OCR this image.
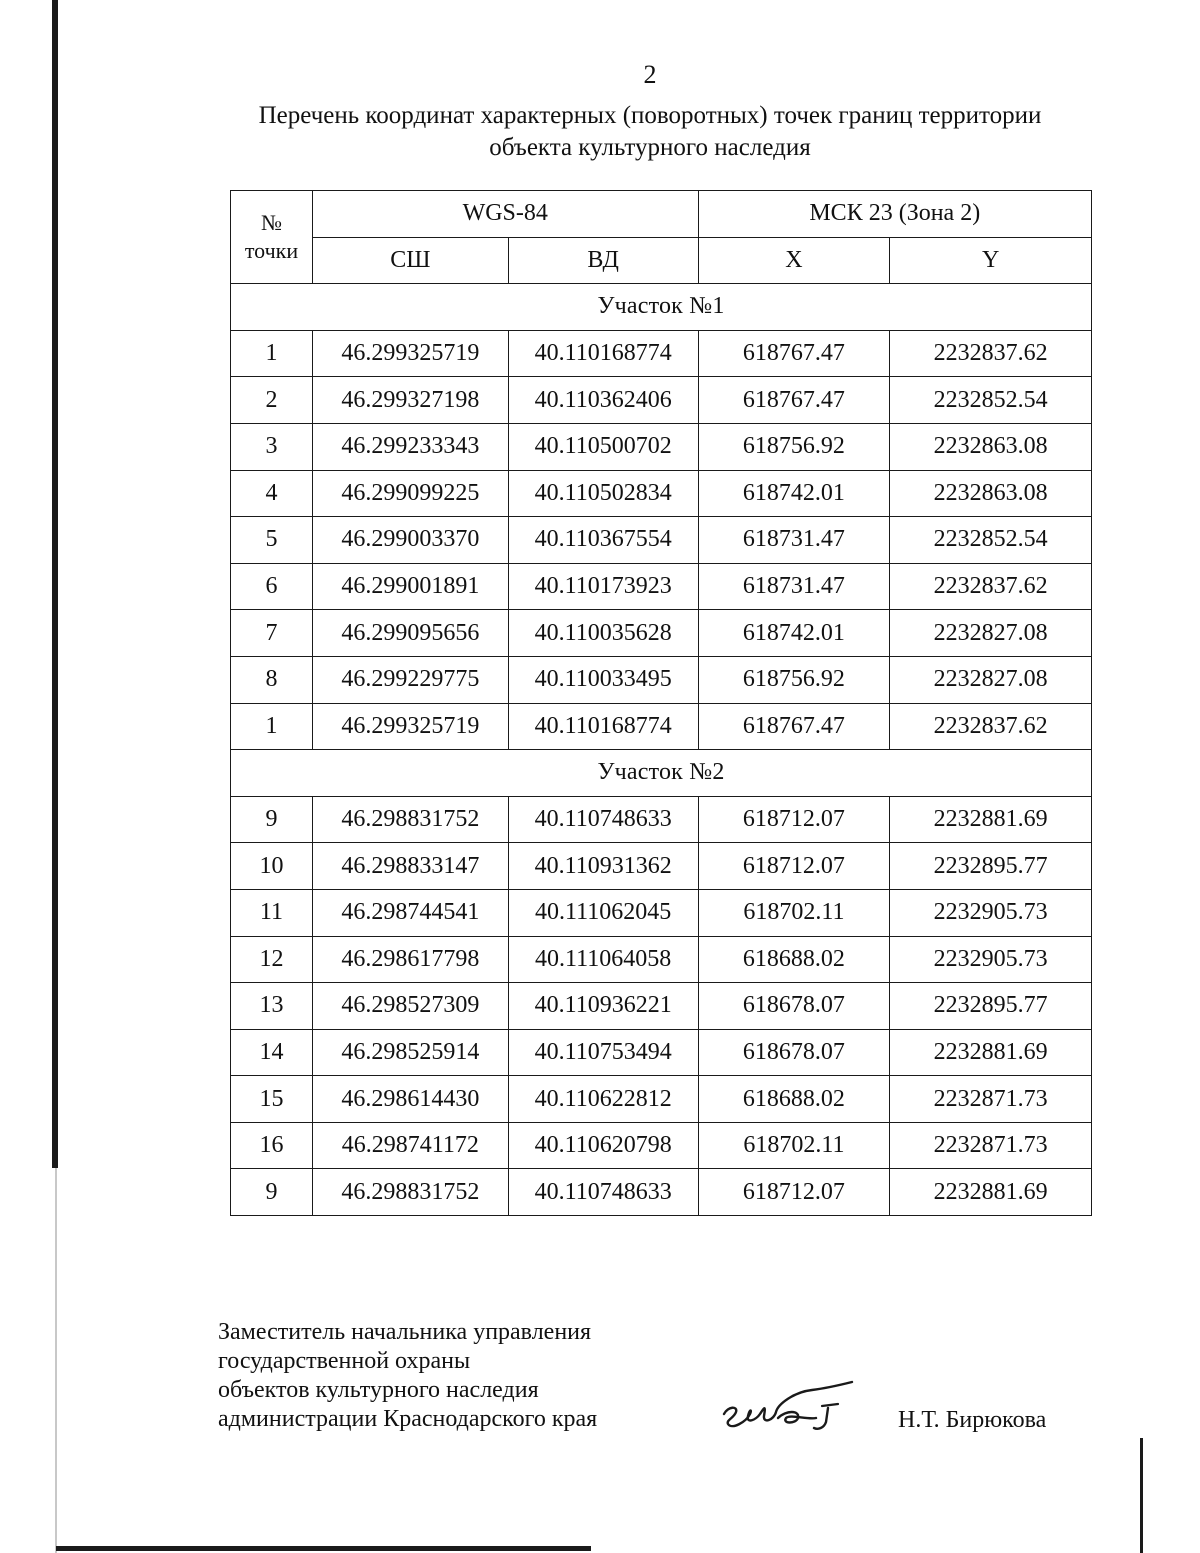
2
Перечень координат характерных (поворотных) точек границ территории
объекта культурного наследия
№
точки	WGS-84		МСК 23 (Зона 2)	
	СШ	ВД	X	Y
Участок №1				
1	46.299325719	40.110168774	618767.47	2232837.62
2	46.299327198	40.110362406	618767.47	2232852.54
3	46.299233343	40.110500702	618756.92	2232863.08
4	46.299099225	40.110502834	618742.01	2232863.08
5	46.299003370	40.110367554	618731.47	2232852.54
6	46.299001891	40.110173923	618731.47	2232837.62
7	46.299095656	40.110035628	618742.01	2232827.08
8	46.299229775	40.110033495	618756.92	2232827.08
1	46.299325719	40.110168774	618767.47	2232837.62
Участок №2				
9	46.298831752	40.110748633	618712.07	2232881.69
10	46.298833147	40.110931362	618712.07	2232895.77
11	46.298744541	40.111062045	618702.11	2232905.73
12	46.298617798	40.111064058	618688.02	2232905.73
13	46.298527309	40.110936221	618678.07	2232895.77
14	46.298525914	40.110753494	618678.07	2232881.69
15	46.298614430	40.110622812	618688.02	2232871.73
16	46.298741172	40.110620798	618702.11	2232871.73
9	46.298831752	40.110748633	618712.07	2232881.69
Заместитель начальника управления
государственной охраны
объектов культурного наследия
администрации Краснодарского края	Н.Т. Бирюкова
